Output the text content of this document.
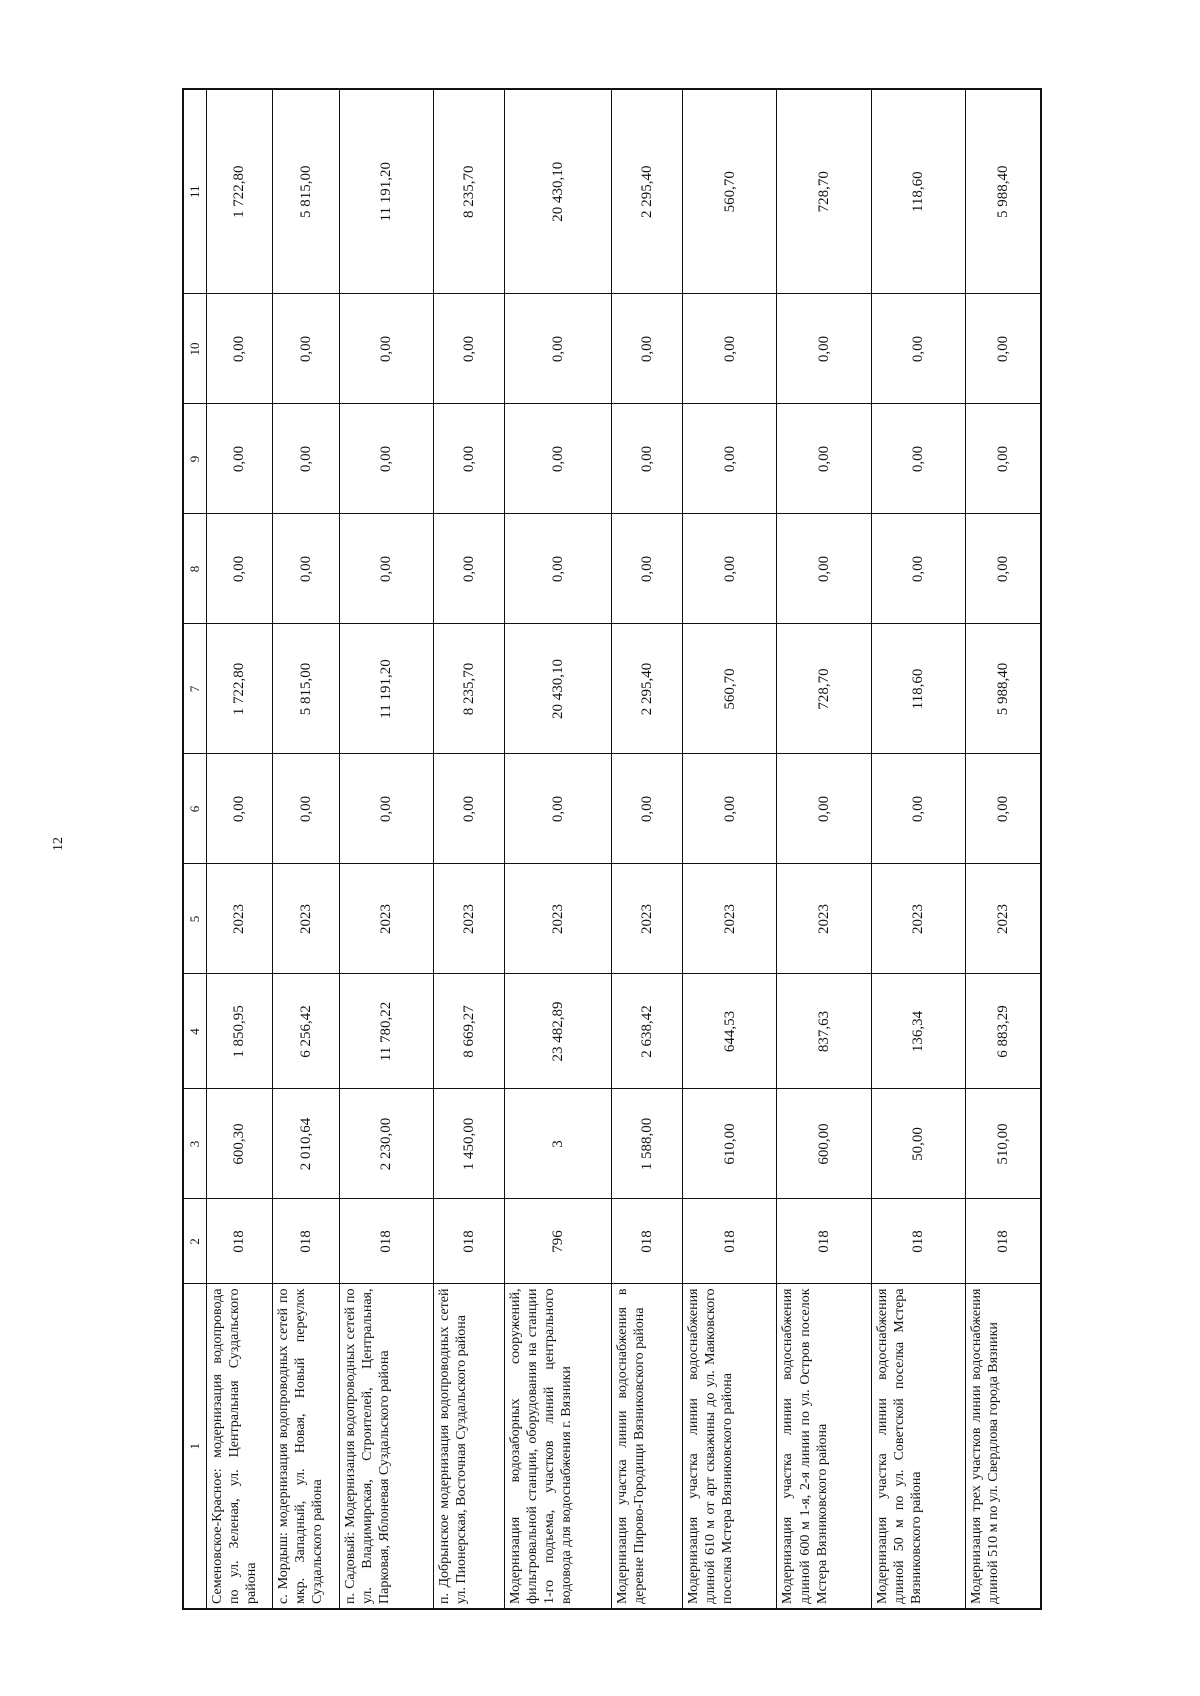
12
1	2	3	4	5	6	7	8	9	10	11
Семеновское-Красное: модернизация водопровода по ул. Зеленая, ул. Центральная Суздальского района	018	600,30	1 850,95	2023	0,00	1 722,80	0,00	0,00	0,00	1 722,80
с. Мордыш: модернизация водопроводных сетей по мкр. Западный, ул. Новая, Новый переулок Суздальского района	018	2 010,64	6 256,42	2023	0,00	5 815,00	0,00	0,00	0,00	5 815,00
п. Садовый: Модернизация водопроводных сетей по ул. Владимирская, Строителей, Центральная, Парковая, Яблоневая Суздальского района	018	2 230,00	11 780,22	2023	0,00	11 191,20	0,00	0,00	0,00	11 191,20
п. Добрынское модернизация водопроводных сетей ул. Пионерская, Восточная Суздальского района	018	1 450,00	8 669,27	2023	0,00	8 235,70	0,00	0,00	0,00	8 235,70
Модернизация водозаборных сооружений, фильтровальной станции, оборудования на станции 1-го подъема, участков линий центрального водовода для водоснабжения г. Вязники	796	3	23 482,89	2023	0,00	20 430,10	0,00	0,00	0,00	20 430,10
Модернизация участка линии водоснабжения в деревне Пирово-Городищи Вязниковского района	018	1 588,00	2 638,42	2023	0,00	2 295,40	0,00	0,00	0,00	2 295,40
Модернизация участка линии водоснабжения длиной 610 м от арт скважины до ул. Маяковского поселка Мстера Вязниковского района	018	610,00	644,53	2023	0,00	560,70	0,00	0,00	0,00	560,70
Модернизация участка линии водоснабжения длиной 600 м 1-я, 2-я линии по ул. Остров поселок Мстера Вязниковского района	018	600,00	837,63	2023	0,00	728,70	0,00	0,00	0,00	728,70
Модернизация участка линии водоснабжения длиной 50 м по ул. Советской поселка Мстера Вязниковского района	018	50,00	136,34	2023	0,00	118,60	0,00	0,00	0,00	118,60
Модернизация трех участков линии водоснабжения длиной 510 м по ул. Свердлова города Вязники	018	510,00	6 883,29	2023	0,00	5 988,40	0,00	0,00	0,00	5 988,40
